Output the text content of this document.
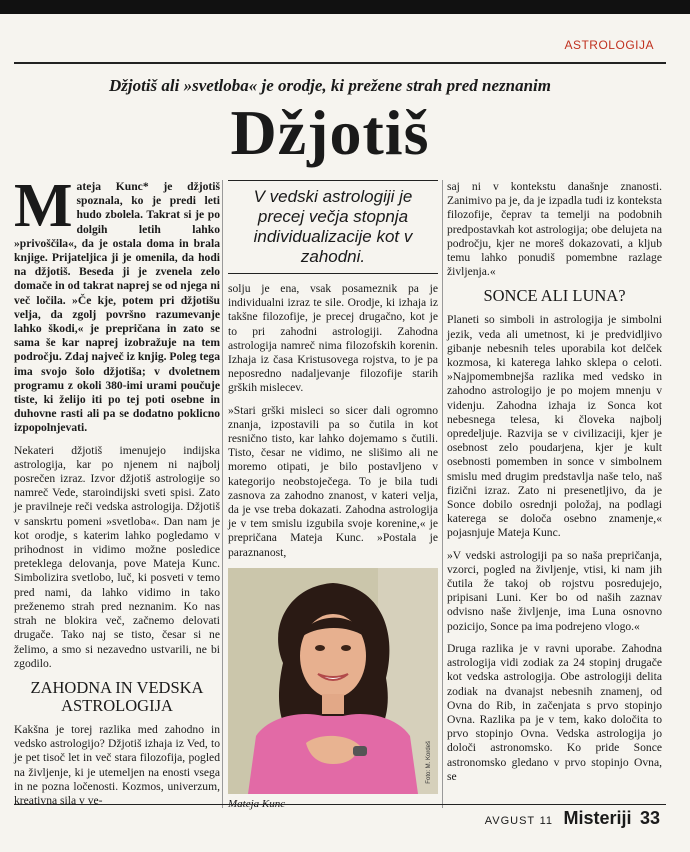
ASTROLOGIJA
Džjotiš ali »svetloba« je orodje, ki prežene strah pred neznanim
Džjotiš

Mateja Kunc* je džjotiš spoznala, ko je predi leti hudo zbolela. Takrat si je po dolgih letih lahko »privoščila«, da je ostala doma in brala knjige. Prijateljica ji je omenila, da hodi na džjotiš. Beseda ji je zvenela zelo domače in od takrat naprej se od njega ni več ločila. »Če kje, potem pri džjotišu velja, da zgolj površno razumevanje lahko škodi,« je prepričana in zato se sama še kar naprej izobražuje na tem področju. Zdaj največ iz knjig. Poleg tega ima svojo šolo džjotiša; v dvoletnem programu z okoli 380-imi urami poučuje tiste, ki želijo iti po tej poti osebne in duhovne rasti ali pa se dodatno poklicno izpopolnjevati.

Nekateri džjotiš imenujejo indijska astrologija, kar po njenem ni najbolj posrečen izraz. Izvor džjotiš astrologije so namreč Vede, staroindijski sveti spisi. Zato je pravilneje reči vedska astrologija. Džjotiš v sanskrtu pomeni »svetloba«. Dan nam je kot orodje, s katerim lahko pogledamo v prihodnost in vidimo možne posledice preteklega delovanja, pove Mateja Kunc. Simbolizira svetlobo, luč, ki posveti v temo pred nami, da lahko vidimo in tako preženemo strah pred neznanim. Ko nas strah ne blokira več, začnemo delovati drugače. Tako naj se tisto, česar si ne želimo, a smo si nezavedno ustvarili, ne bi zgodilo.

ZAHODNA IN VEDSKA ASTROLOGIJA

Kakšna je torej razlika med zahodno in vedsko astrologijo? Džjotiš izhaja iz Ved, to je pet tisoč let in več stara filozofija, pogled na življenje, ki je utemeljen na enosti vsega in ne pozna ločenosti. Kozmos, univerzum, kreativna sila v ve-

V vedski astrologiji je precej večja stopnja individualizacije kot v zahodni.

solju je ena, vsak posameznik pa je individualni izraz te sile. Orodje, ki izhaja iz takšne filozofije, je precej drugačno, kot je to pri zahodni astrologiji. Zahodna astrologija namreč nima filozofskih korenin. Izhaja iz časa Kristusovega rojstva, to je pa neposredno nadaljevanje filozofije starih grških mislecev.

»Stari grški misleci so sicer dali ogromno znanja, izpostavili pa so čutila in kot resnično tisto, kar lahko dojemamo s čutili. Tisto, česar ne vidimo, ne slišimo ali ne moremo otipati, je bilo postavljeno v kategorijo neobstoječega. To je bila tudi zasnova za zahodno znanost, v kateri velja, da je vse treba dokazati. Zahodna astrologija je v tem smislu izgubila svoje korenine,« je prepričana Mateja Kunc. »Postala je paraznanost,

Foto: M. Kordeš
Mateja Kunc

saj ni v kontekstu današnje znanosti. Zanimivo pa je, da je izpadla tudi iz konteksta filozofije, čeprav ta temelji na podobnih predpostavkah kot astrologija; obe delujeta na področju, kjer ne moreš dokazovati, a kljub temu lahko ponudiš pomembne razlage življenja.«

SONCE ALI LUNA?

Planeti so simboli in astrologija je simbolni jezik, veda ali umetnost, ki je predvidljivo gibanje nebesnih teles uporabila kot delček kozmosa, ki katerega lahko sklepa o celoti. »Najpomembnejša razlika med vedsko in zahodno astrologijo je po mojem mnenju v videnju. Zahodna izhaja iz Sonca kot nebesnega telesa, ki človeka najbolj opredeljuje. Razvija se v civilizaciji, kjer je osebnost zelo poudarjena, kjer je kult osebnosti pomemben in sonce v simbolnem smislu med drugim predstavlja naše telo, naš fizični izraz. Zato ni presenetljivo, da je Sonce dobilo osrednji položaj, na podlagi katerega se določa osebno znamenje,« pojasnjuje Mateja Kunc.

»V vedski astrologiji pa so naša prepričanja, vzorci, pogled na življenje, vtisi, ki nam jih čutila že takoj ob rojstvu posredujejo, pripisani Luni. Ker bo od naših zaznav odvisno naše življenje, ima Luna osnovno pozicijo, Sonce pa ima podrejeno vlogo.«

Druga razlika je v ravni uporabe. Zahodna astrologija vidi zodiak za 24 stopinj drugače kot vedska astrologija. Obe astrologiji delita zodiak na dvanajst nebesnih znamenj, od Ovna do Rib, in začenjata s prvo stopinjo Ovna. Razlika pa je v tem, kako določita to prvo stopinjo Ovna. Vedska astrologija jo določi astronomsko. Ko pride Sonce astronomsko gledano v prvo stopinjo Ovna, se

AVGUST 11 Misteriji 33
